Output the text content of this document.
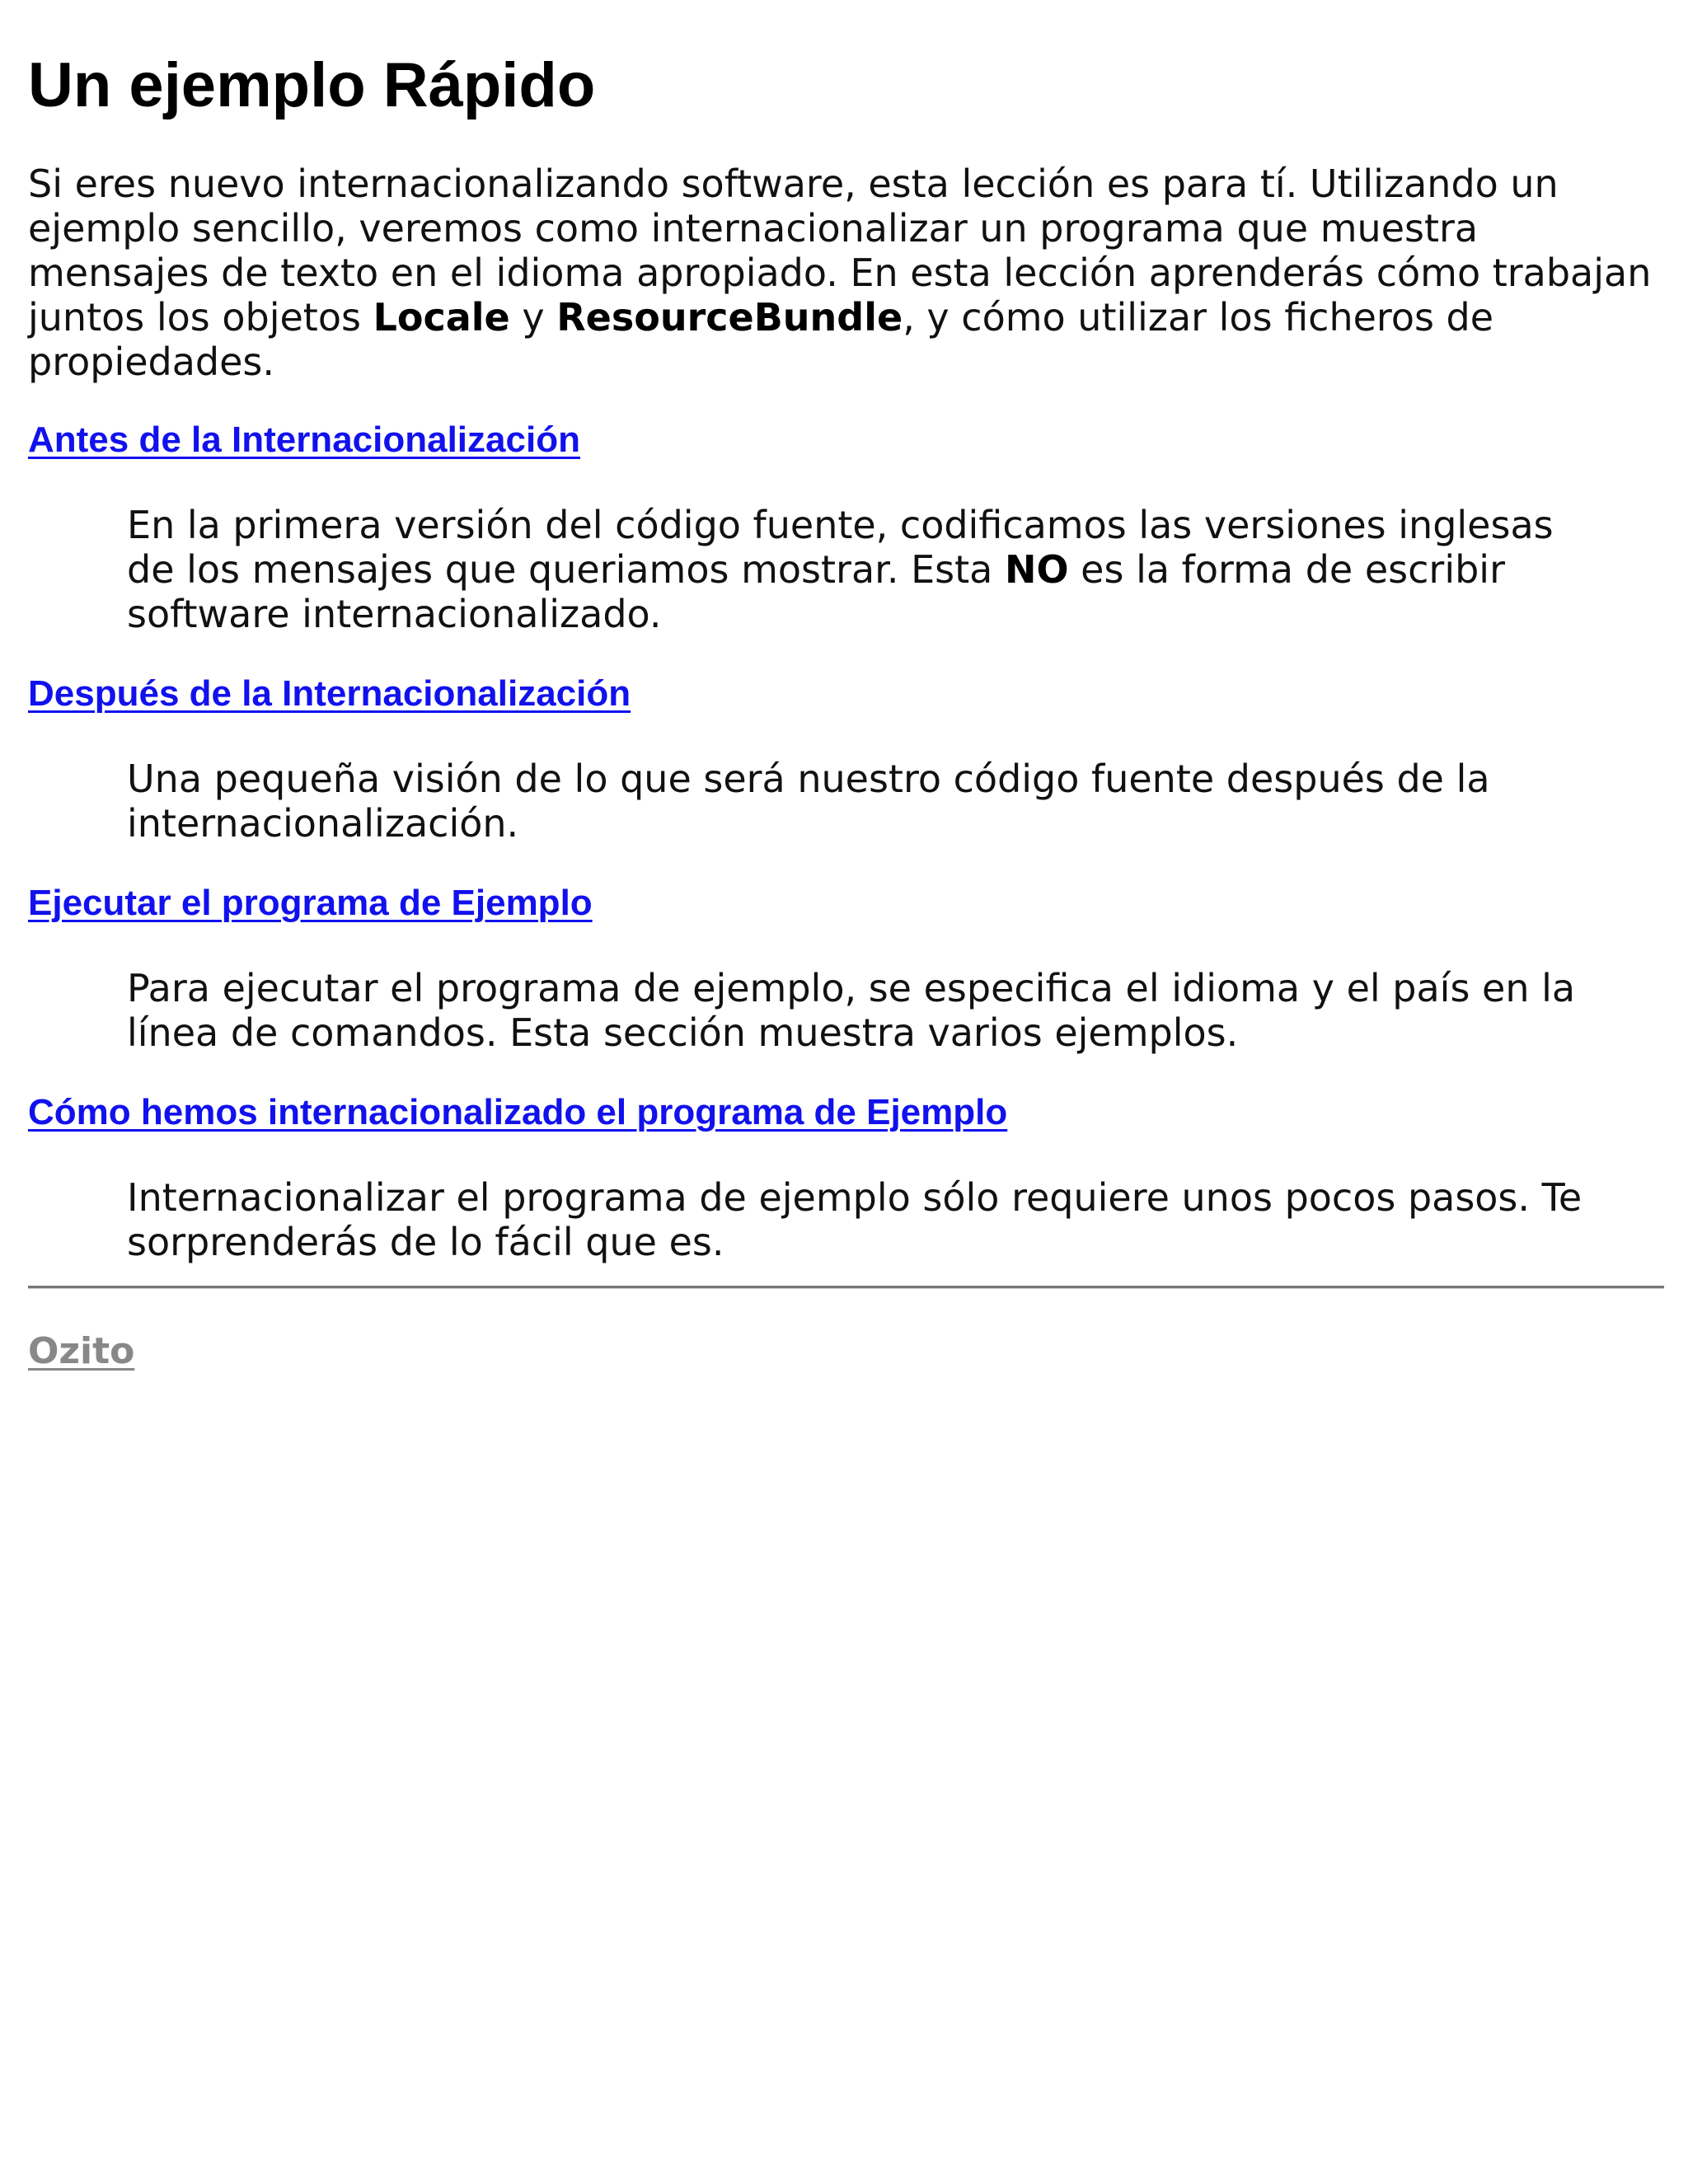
Un ejemplo Rápido

Si eres nuevo internacionalizando software, esta lección es para tí. Utilizando un ejemplo sencillo, veremos como internacionalizar un programa que muestra mensajes de texto en el idioma apropiado. En esta lección aprenderás cómo trabajan juntos los objetos Locale y ResourceBundle, y cómo utilizar los ficheros de propiedades.

Antes de la Internacionalización

En la primera versión del código fuente, codificamos las versiones inglesas de los mensajes que queriamos mostrar. Esta NO es la forma de escribir software internacionalizado.

Después de la Internacionalización

Una pequeña visión de lo que será nuestro código fuente después de la internacionalización.

Ejecutar el programa de Ejemplo

Para ejecutar el programa de ejemplo, se especifica el idioma y el país en la línea de comandos. Esta sección muestra varios ejemplos.

Cómo hemos internacionalizado el programa de Ejemplo

Internacionalizar el programa de ejemplo sólo requiere unos pocos pasos. Te sorprenderás de lo fácil que es.

Ozito
